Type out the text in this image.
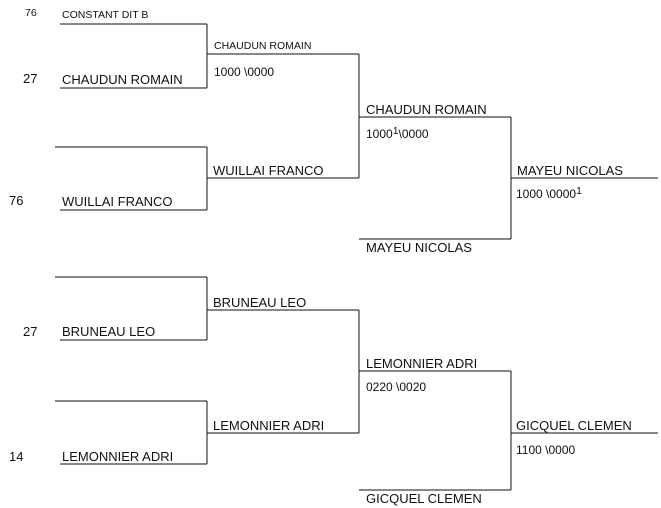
76
27
76
27
14
CONSTANT DIT B
CHAUDUN ROMAIN
WUILLAI FRANCO
BRUNEAU LEO
LEMONNIER ADRI
CHAUDUN ROMAIN
1000 \0000
WUILLAI FRANCO
BRUNEAU LEO
LEMONNIER ADRI
CHAUDUN ROMAIN
10001\0000
MAYEU NICOLAS
LEMONNIER ADRI
0220 \0020
GICQUEL CLEMEN
MAYEU NICOLAS
1000 \00001
GICQUEL CLEMEN
1100 \0000
